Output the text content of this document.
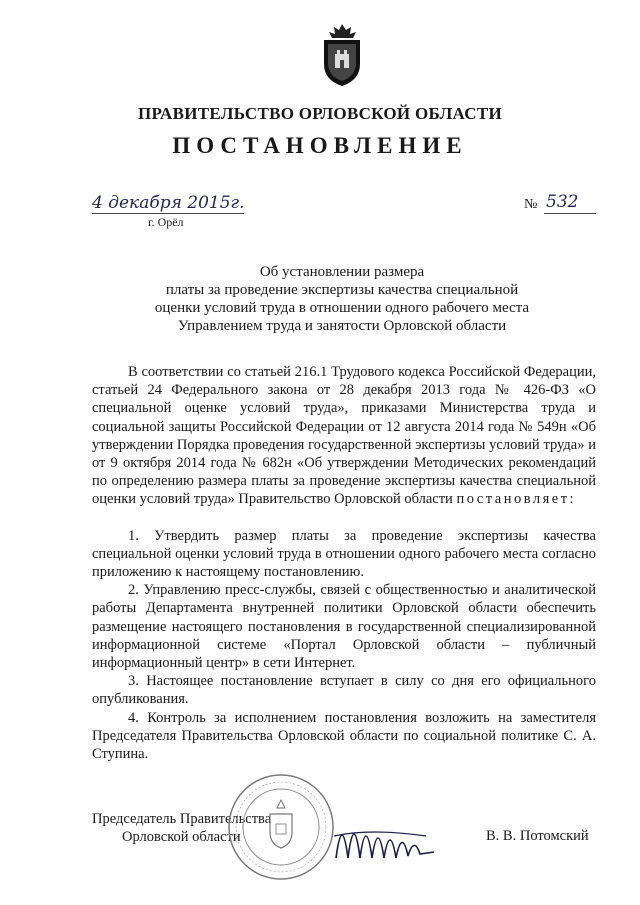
ПРАВИТЕЛЬСТВО ОРЛОВСКОЙ ОБЛАСТИ
ПОСТАНОВЛЕНИЕ
4 декабря 2015г.
г. Орёл
№ 532
Об установлении размера
платы за проведение экспертизы качества специальной
оценки условий труда в отношении одного рабочего места
Управлением труда и занятости Орловской области

В соответствии со статьей 216.1 Трудового кодекса Российской Федерации, статьей 24 Федерального закона от 28 декабря 2013 года № 426-ФЗ «О специальной оценке условий труда», приказами Министерства труда и социальной защиты Российской Федерации от 12 августа 2014 года № 549н «Об утверждении Порядка проведения государственной экспертизы условий труда» и от 9 октября 2014 года № 682н «Об утверждении Методических рекомендаций по определению размера платы за проведение экспертизы качества специальной оценки условий труда» Правительство Орловской области постановляет:

1. Утвердить размер платы за проведение экспертизы качества специальной оценки условий труда в отношении одного рабочего места согласно приложению к настоящему постановлению.

2. Управлению пресс-службы, связей с общественностью и аналитической работы Департамента внутренней политики Орловской области обеспечить размещение настоящего постановления в государственной специализированной информационной системе «Портал Орловской области – публичный информационный центр» в сети Интернет.

3. Настоящее постановление вступает в силу со дня его официального опубликования.

4. Контроль за исполнением постановления возложить на заместителя Председателя Правительства Орловской области по социальной политике С. А. Ступина.

Председатель Правительства
Орловской области	В. В. Потомский
